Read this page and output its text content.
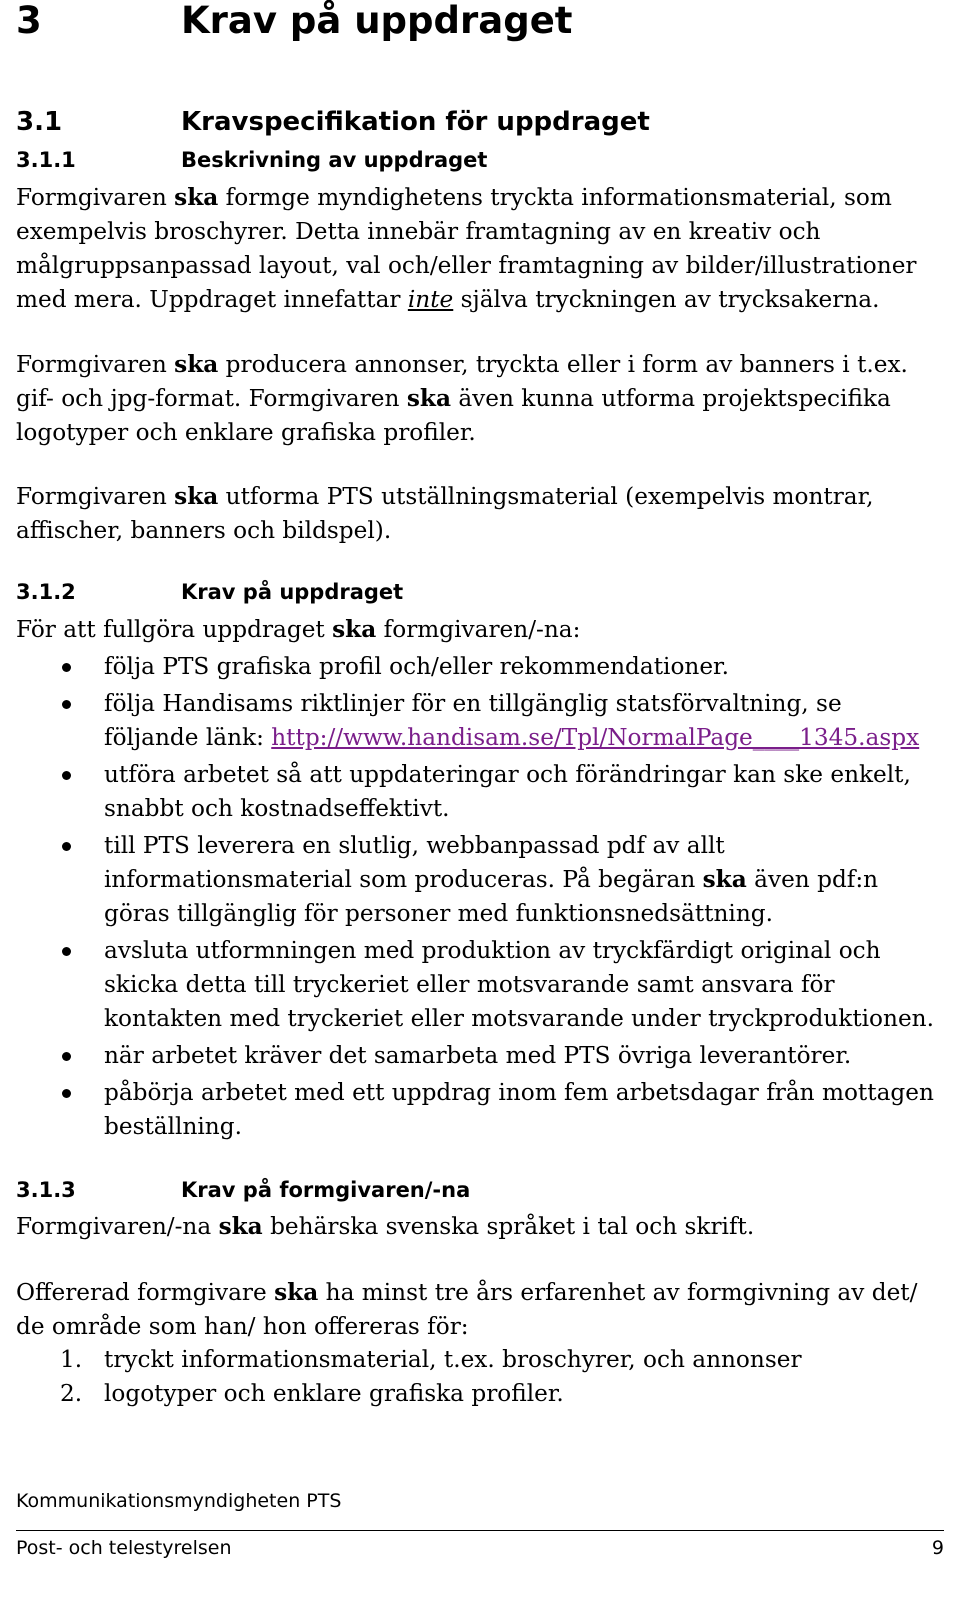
3	Krav på uppdraget
3.1	Kravspecifikation för uppdraget
3.1.1	Beskrivning av uppdraget
Formgivaren ska formge myndighetens tryckta informationsmaterial, som exempelvis broschyrer. Detta innebär framtagning av en kreativ och målgruppsanpassad layout, val och/eller framtagning av bilder/illustrationer med mera. Uppdraget innefattar inte själva tryckningen av trycksakerna.
Formgivaren ska producera annonser, tryckta eller i form av banners i t.ex. gif- och jpg-format. Formgivaren ska även kunna utforma projektspecifika logotyper och enklare grafiska profiler.
Formgivaren ska utforma PTS utställningsmaterial (exempelvis montrar, affischer, banners och bildspel).
3.1.2	Krav på uppdraget
För att fullgöra uppdraget ska formgivaren/-na:
följa PTS grafiska profil och/eller rekommendationer.
följa Handisams riktlinjer för en tillgänglig statsförvaltning, se följande länk: http://www.handisam.se/Tpl/NormalPage____1345.aspx
utföra arbetet så att uppdateringar och förändringar kan ske enkelt, snabbt och kostnadseffektivt.
till PTS leverera en slutlig, webbanpassad pdf av allt informationsmaterial som produceras. På begäran ska även pdf:n göras tillgänglig för personer med funktionsnedsättning.
avsluta utformningen med produktion av tryckfärdigt original och skicka detta till tryckeriet eller motsvarande samt ansvara för kontakten med tryckeriet eller motsvarande under tryckproduktionen.
när arbetet kräver det samarbeta med PTS övriga leverantörer.
påbörja arbetet med ett uppdrag inom fem arbetsdagar från mottagen beställning.
3.1.3	Krav på formgivaren/-na
Formgivaren/-na ska behärska svenska språket i tal och skrift.
Offererad formgivare ska ha minst tre års erfarenhet av formgivning av det/ de område som han/ hon offereras för:
1. tryckt informationsmaterial, t.ex. broschyrer, och annonser
2. logotyper och enklare grafiska profiler.
Kommunikationsmyndigheten PTS
Post- och telestyrelsen	9
